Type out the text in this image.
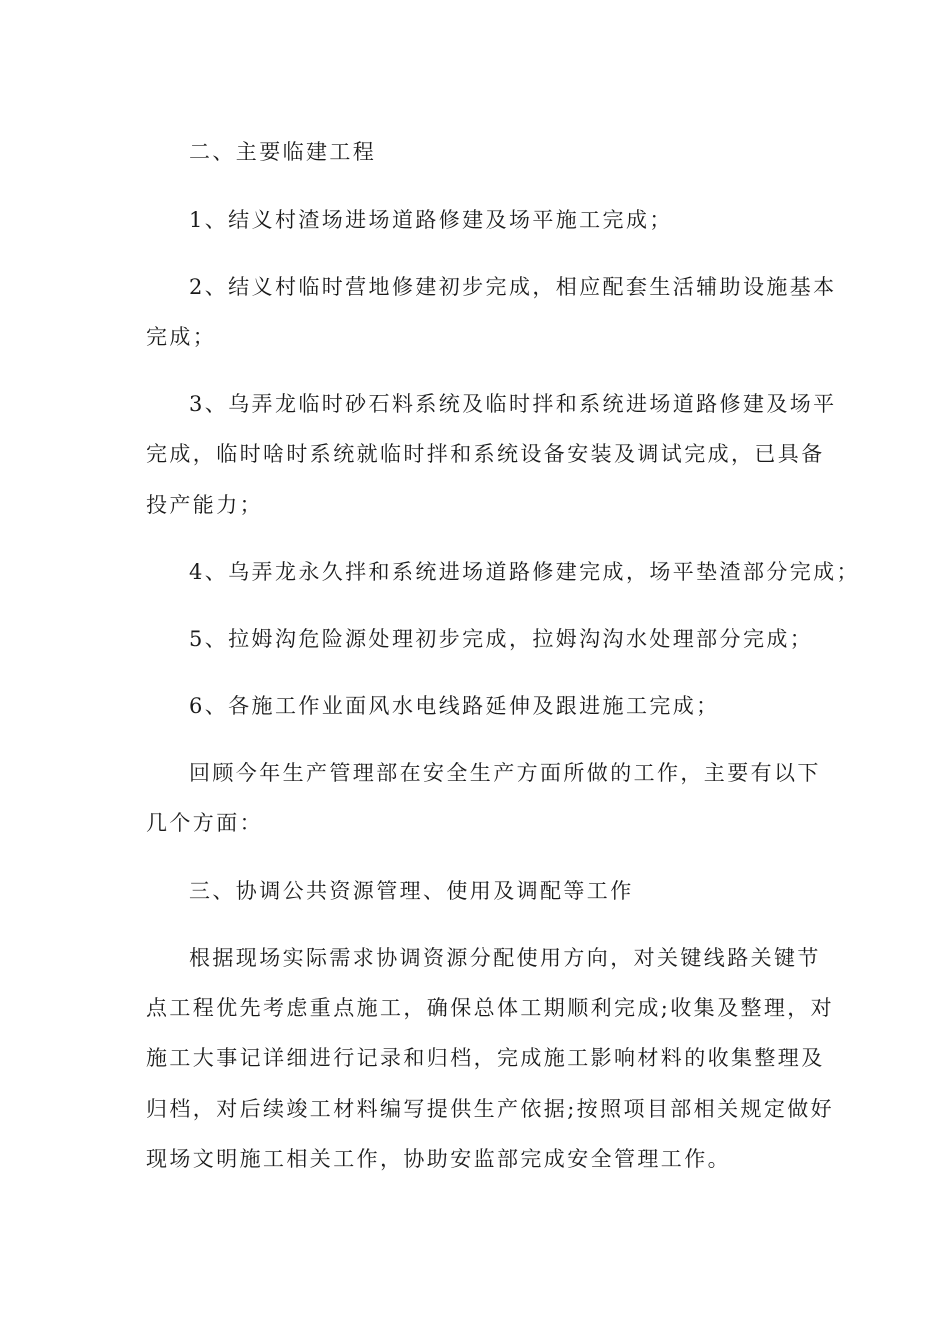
二、主要临建工程
1、结义村渣场进场道路修建及场平施工完成；
2、结义村临时营地修建初步完成，相应配套生活辅助设施基本
完成；
3、乌弄龙临时砂石料系统及临时拌和系统进场道路修建及场平
完成，临时啥时系统就临时拌和系统设备安装及调试完成，已具备
投产能力；
4、乌弄龙永久拌和系统进场道路修建完成，场平垫渣部分完成；
5、拉姆沟危险源处理初步完成，拉姆沟沟水处理部分完成；
6、各施工作业面风水电线路延伸及跟进施工完成；
回顾今年生产管理部在安全生产方面所做的工作，主要有以下
几个方面：
三、协调公共资源管理、使用及调配等工作
根据现场实际需求协调资源分配使用方向，对关键线路关键节
点工程优先考虑重点施工，确保总体工期顺利完成;收集及整理，对
施工大事记详细进行记录和归档，完成施工影响材料的收集整理及
归档，对后续竣工材料编写提供生产依据;按照项目部相关规定做好
现场文明施工相关工作，协助安监部完成安全管理工作。
